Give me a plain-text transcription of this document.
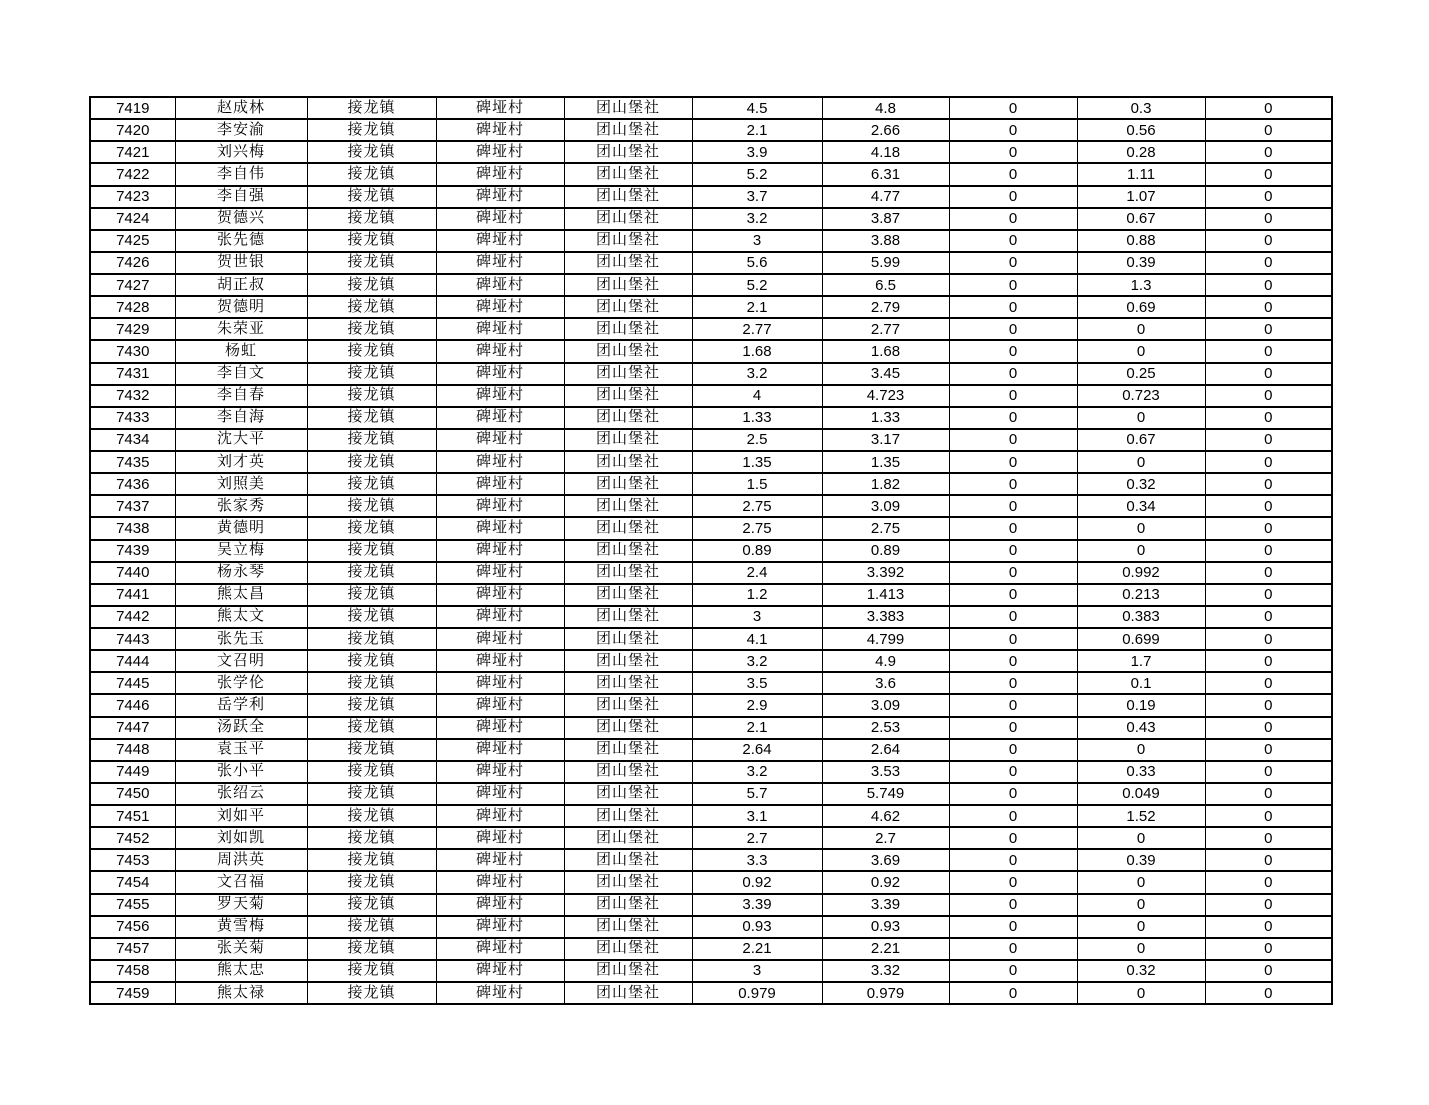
7419	赵成林	接龙镇	碑垭村	团山堡社	4.5	4.8	0	0.3	0
7420	李安渝	接龙镇	碑垭村	团山堡社	2.1	2.66	0	0.56	0
7421	刘兴梅	接龙镇	碑垭村	团山堡社	3.9	4.18	0	0.28	0
7422	李自伟	接龙镇	碑垭村	团山堡社	5.2	6.31	0	1.11	0
7423	李自强	接龙镇	碑垭村	团山堡社	3.7	4.77	0	1.07	0
7424	贺德兴	接龙镇	碑垭村	团山堡社	3.2	3.87	0	0.67	0
7425	张先德	接龙镇	碑垭村	团山堡社	3	3.88	0	0.88	0
7426	贺世银	接龙镇	碑垭村	团山堡社	5.6	5.99	0	0.39	0
7427	胡正叔	接龙镇	碑垭村	团山堡社	5.2	6.5	0	1.3	0
7428	贺德明	接龙镇	碑垭村	团山堡社	2.1	2.79	0	0.69	0
7429	朱荣亚	接龙镇	碑垭村	团山堡社	2.77	2.77	0	0	0
7430	杨虹	接龙镇	碑垭村	团山堡社	1.68	1.68	0	0	0
7431	李自文	接龙镇	碑垭村	团山堡社	3.2	3.45	0	0.25	0
7432	李自春	接龙镇	碑垭村	团山堡社	4	4.723	0	0.723	0
7433	李自海	接龙镇	碑垭村	团山堡社	1.33	1.33	0	0	0
7434	沈大平	接龙镇	碑垭村	团山堡社	2.5	3.17	0	0.67	0
7435	刘才英	接龙镇	碑垭村	团山堡社	1.35	1.35	0	0	0
7436	刘照美	接龙镇	碑垭村	团山堡社	1.5	1.82	0	0.32	0
7437	张家秀	接龙镇	碑垭村	团山堡社	2.75	3.09	0	0.34	0
7438	黄德明	接龙镇	碑垭村	团山堡社	2.75	2.75	0	0	0
7439	吴立梅	接龙镇	碑垭村	团山堡社	0.89	0.89	0	0	0
7440	杨永琴	接龙镇	碑垭村	团山堡社	2.4	3.392	0	0.992	0
7441	熊太昌	接龙镇	碑垭村	团山堡社	1.2	1.413	0	0.213	0
7442	熊太文	接龙镇	碑垭村	团山堡社	3	3.383	0	0.383	0
7443	张先玉	接龙镇	碑垭村	团山堡社	4.1	4.799	0	0.699	0
7444	文召明	接龙镇	碑垭村	团山堡社	3.2	4.9	0	1.7	0
7445	张学伦	接龙镇	碑垭村	团山堡社	3.5	3.6	0	0.1	0
7446	岳学利	接龙镇	碑垭村	团山堡社	2.9	3.09	0	0.19	0
7447	汤跃全	接龙镇	碑垭村	团山堡社	2.1	2.53	0	0.43	0
7448	袁玉平	接龙镇	碑垭村	团山堡社	2.64	2.64	0	0	0
7449	张小平	接龙镇	碑垭村	团山堡社	3.2	3.53	0	0.33	0
7450	张绍云	接龙镇	碑垭村	团山堡社	5.7	5.749	0	0.049	0
7451	刘如平	接龙镇	碑垭村	团山堡社	3.1	4.62	0	1.52	0
7452	刘如凯	接龙镇	碑垭村	团山堡社	2.7	2.7	0	0	0
7453	周洪英	接龙镇	碑垭村	团山堡社	3.3	3.69	0	0.39	0
7454	文召福	接龙镇	碑垭村	团山堡社	0.92	0.92	0	0	0
7455	罗天菊	接龙镇	碑垭村	团山堡社	3.39	3.39	0	0	0
7456	黄雪梅	接龙镇	碑垭村	团山堡社	0.93	0.93	0	0	0
7457	张关菊	接龙镇	碑垭村	团山堡社	2.21	2.21	0	0	0
7458	熊太忠	接龙镇	碑垭村	团山堡社	3	3.32	0	0.32	0
7459	熊太禄	接龙镇	碑垭村	团山堡社	0.979	0.979	0	0	0
